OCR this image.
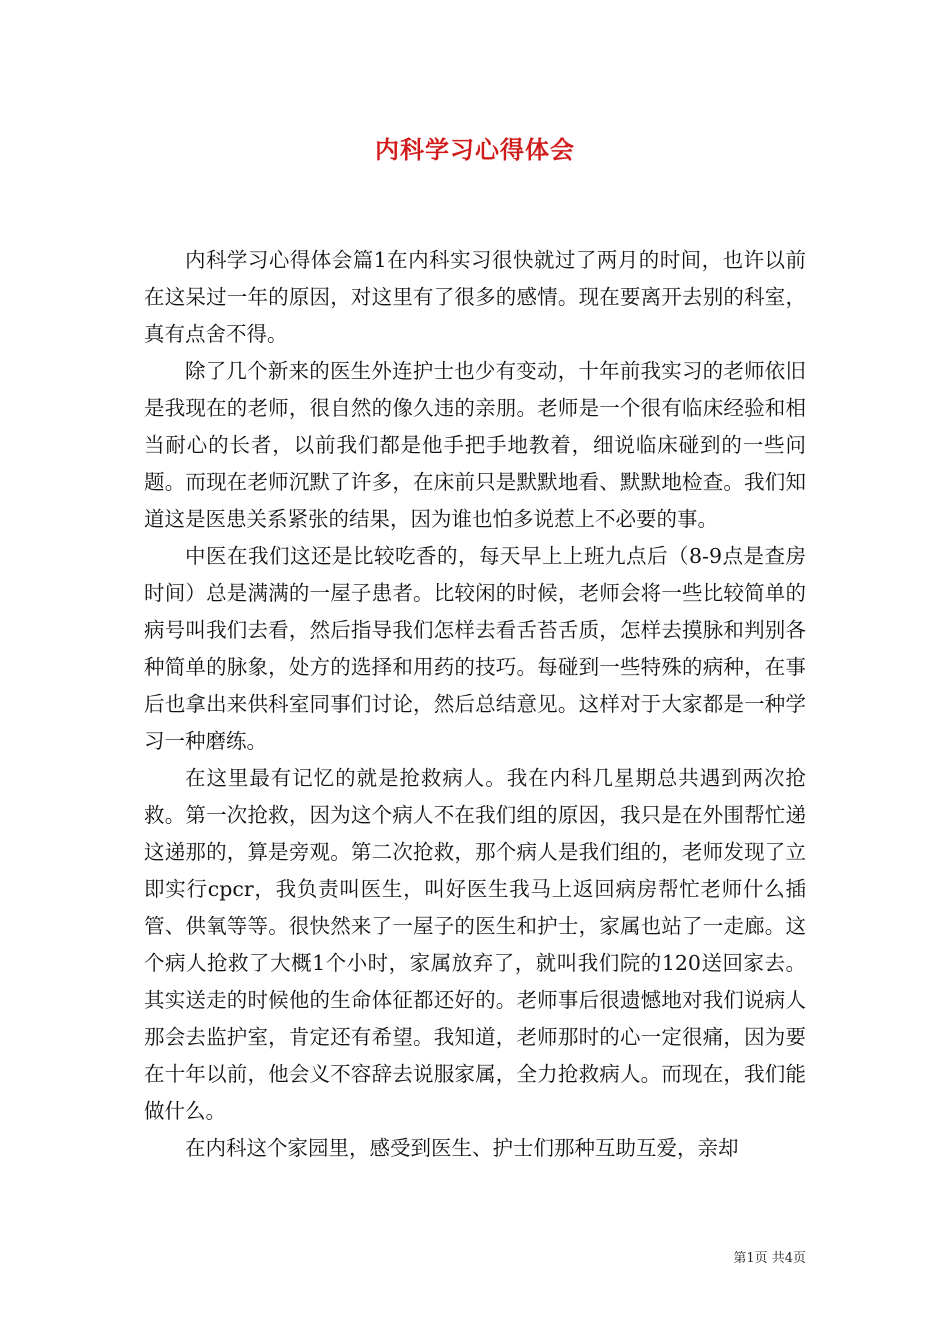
内科学习心得体会

内科学习心得体会篇1在内科实习很快就过了两月的时间，也许以前在这呆过一年的原因，对这里有了很多的感情。现在要离开去别的科室，真有点舍不得。

除了几个新来的医生外连护士也少有变动，十年前我实习的老师依旧是我现在的老师，很自然的像久违的亲朋。老师是一个很有临床经验和相当耐心的长者，以前我们都是他手把手地教着，细说临床碰到的一些问题。而现在老师沉默了许多，在床前只是默默地看、默默地检查。我们知道这是医患关系紧张的结果，因为谁也怕多说惹上不必要的事。

中医在我们这还是比较吃香的，每天早上上班九点后（8-9点是查房时间）总是满满的一屋子患者。比较闲的时候，老师会将一些比较简单的病号叫我们去看，然后指导我们怎样去看舌苔舌质，怎样去摸脉和判别各种简单的脉象，处方的选择和用药的技巧。每碰到一些特殊的病种，在事后也拿出来供科室同事们讨论，然后总结意见。这样对于大家都是一种学习一种磨练。

在这里最有记忆的就是抢救病人。我在内科几星期总共遇到两次抢救。第一次抢救，因为这个病人不在我们组的原因，我只是在外围帮忙递这递那的，算是旁观。第二次抢救，那个病人是我们组的，老师发现了立即实行cpcr，我负责叫医生，叫好医生我马上返回病房帮忙老师什么插管、供氧等等。很快然来了一屋子的医生和护士，家属也站了一走廊。这个病人抢救了大概1个小时，家属放弃了，就叫我们院的120送回家去。其实送走的时候他的生命体征都还好的。老师事后很遗憾地对我们说病人那会去监护室，肯定还有希望。我知道，老师那时的心一定很痛，因为要在十年以前，他会义不容辞去说服家属，全力抢救病人。而现在，我们能做什么。

在内科这个家园里，感受到医生、护士们那种互助互爱，亲却

第1页 共4页
